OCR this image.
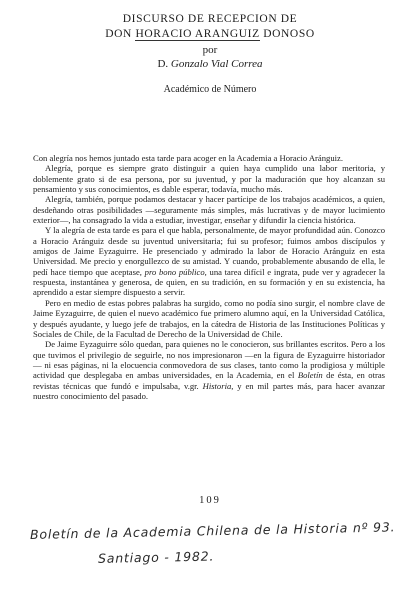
DISCURSO DE RECEPCION DE
DON HORACIO ARANGUIZ DONOSO
por
D. Gonzalo Vial Correa
Académico de Número

Con alegría nos hemos juntado esta tarde para acoger en la Academia a Horacio Aránguiz.

Alegría, porque es siempre grato distinguir a quien haya cumplido una labor meritoria, y doblemente grato si de esa persona, por su juventud, y por la maduración que hoy alcanzan su pensamiento y sus conocimientos, es dable esperar, todavía, mucho más.

Alegría, también, porque podamos destacar y hacer partícipe de los trabajos académicos, a quien, desdeñando otras posibilidades —seguramente más simples, más lucrativas y de mayor lucimiento exterior—, ha consagrado la vida a estudiar, investigar, enseñar y difundir la ciencia histórica.

Y la alegría de esta tarde es para el que habla, personalmente, de mayor profundidad aún. Conozco a Horacio Aránguiz desde su juventud universitaria; fui su profesor; fuimos ambos discípulos y amigos de Jaime Eyzaguirre. He presenciado y admirado la labor de Horacio Aránguiz en esta Universidad. Me precio y enorgullezco de su amistad. Y cuando, probablemente abusando de ella, le pedí hace tiempo que aceptase, pro bono público, una tarea difícil e ingrata, pude ver y agradecer la respuesta, instantánea y generosa, de quien, en su tradición, en su formación y en su existencia, ha aprendido a estar siempre dispuesto a servir.

Pero en medio de estas pobres palabras ha surgido, como no podía sino surgir, el nombre clave de Jaime Eyzaguirre, de quien el nuevo académico fue primero alumno aquí, en la Universidad Católica, y después ayudante, y luego jefe de trabajos, en la cátedra de Historia de las Instituciones Políticas y Sociales de Chile, de la Facultad de Derecho de la Universidad de Chile.

De Jaime Eyzaguirre sólo quedan, para quienes no le conocieron, sus brillantes escritos. Pero a los que tuvimos el privilegio de seguirle, no nos impresionaron —en la figura de Eyzaguirre historiador— ni esas páginas, ni la elocuencia conmovedora de sus clases, tanto como la prodigiosa y múltiple actividad que desplegaba en ambas universidades, en la Academia, en el Boletín de ésta, en otras revistas técnicas que fundó e impulsaba, v.gr. Historia, y en mil partes más, para hacer avanzar nuestro conocimiento del pasado.

109
Boletín de la Academia Chilena de la Historia nº 93.
Santiago - 1982.
